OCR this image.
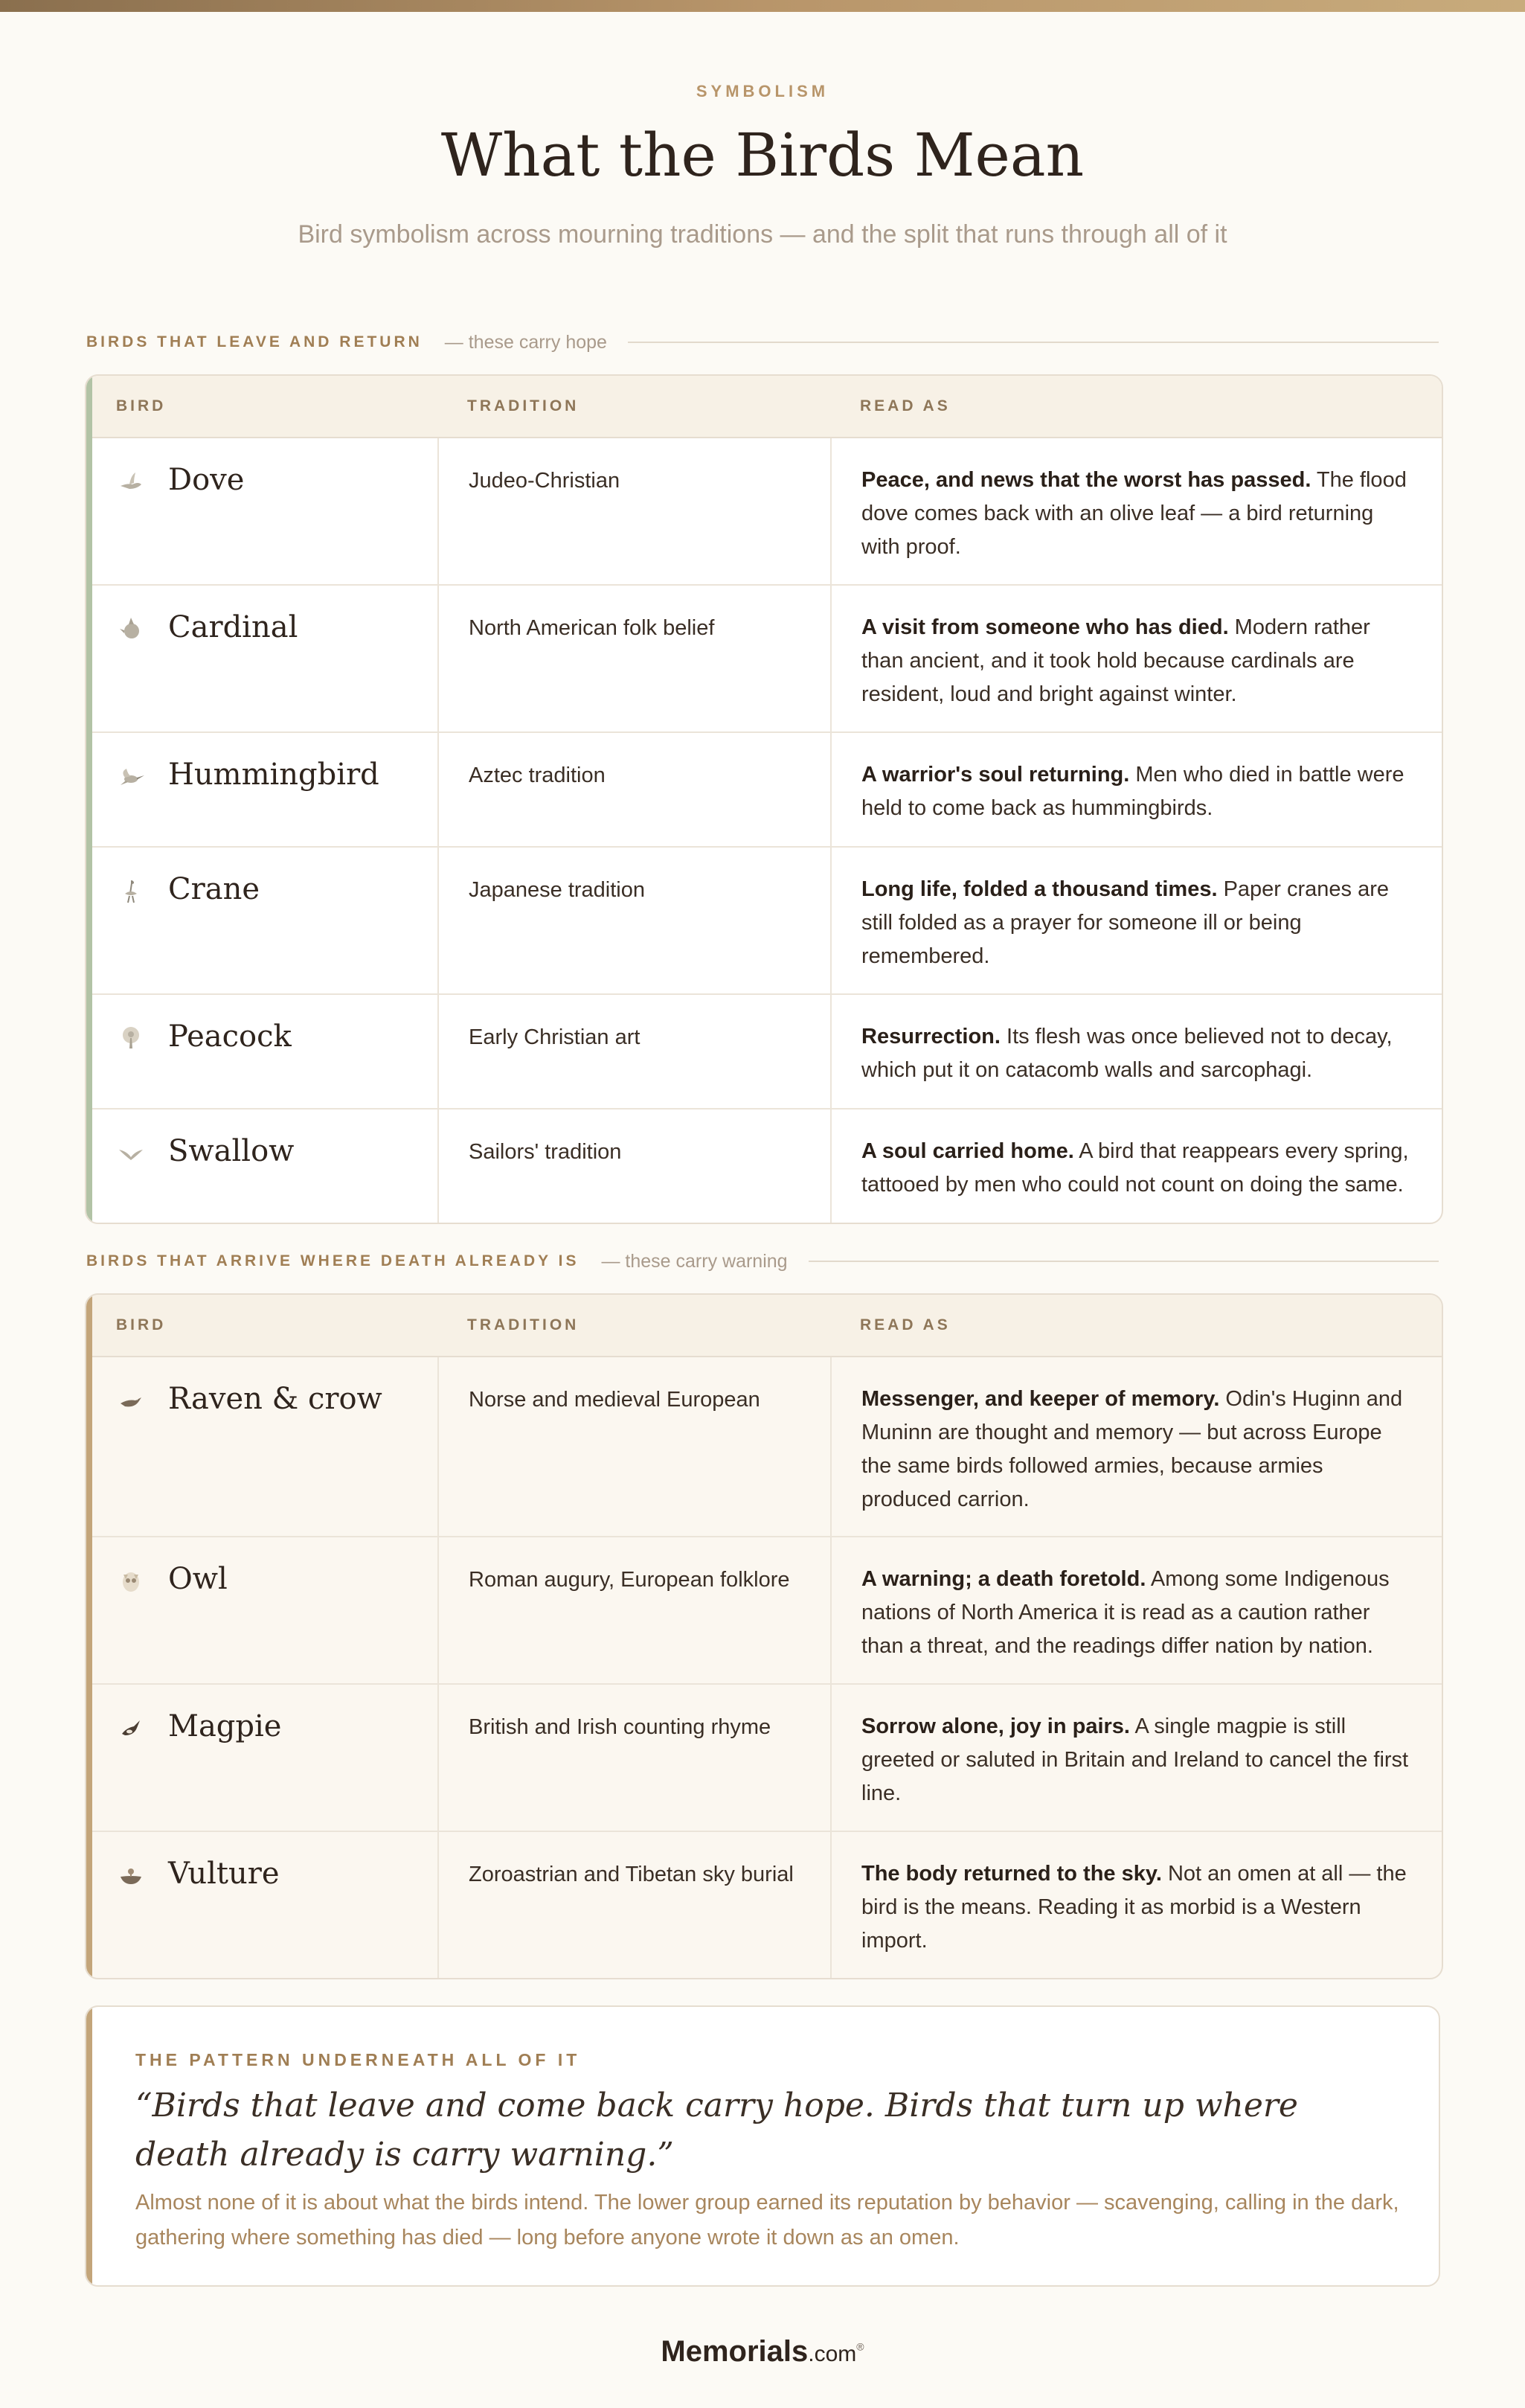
SYMBOLISM
What the Birds Mean
Bird symbolism across mourning traditions — and the split that runs through all of it
BIRDS THAT LEAVE AND RETURN — these carry hope
BIRD	TRADITION	READ AS
Dove	Judeo-Christian	Peace, and news that the worst has passed. The flood dove comes back with an olive leaf — a bird returning with proof.
Cardinal	North American folk belief	A visit from someone who has died. Modern rather than ancient, and it took hold because cardinals are resident, loud and bright against winter.
Hummingbird	Aztec tradition	A warrior's soul returning. Men who died in battle were held to come back as hummingbirds.
Crane	Japanese tradition	Long life, folded a thousand times. Paper cranes are still folded as a prayer for someone ill or being remembered.
Peacock	Early Christian art	Resurrection. Its flesh was once believed not to decay, which put it on catacomb walls and sarcophagi.
Swallow	Sailors' tradition	A soul carried home. A bird that reappears every spring, tattooed by men who could not count on doing the same.
BIRDS THAT ARRIVE WHERE DEATH ALREADY IS — these carry warning
BIRD	TRADITION	READ AS
Raven & crow	Norse and medieval European	Messenger, and keeper of memory. Odin's Huginn and Muninn are thought and memory — but across Europe the same birds followed armies, because armies produced carrion.
Owl	Roman augury, European folklore	A warning; a death foretold. Among some Indigenous nations of North America it is read as a caution rather than a threat, and the readings differ nation by nation.
Magpie	British and Irish counting rhyme	Sorrow alone, joy in pairs. A single magpie is still greeted or saluted in Britain and Ireland to cancel the first line.
Vulture	Zoroastrian and Tibetan sky burial	The body returned to the sky. Not an omen at all — the bird is the means. Reading it as morbid is a Western import.
THE PATTERN UNDERNEATH ALL OF IT
“Birds that leave and come back carry hope. Birds that turn up where death already is carry warning.”
Almost none of it is about what the birds intend. The lower group earned its reputation by behavior — scavenging, calling in the dark, gathering where something has died — long before anyone wrote it down as an omen.
Memorials.com®
